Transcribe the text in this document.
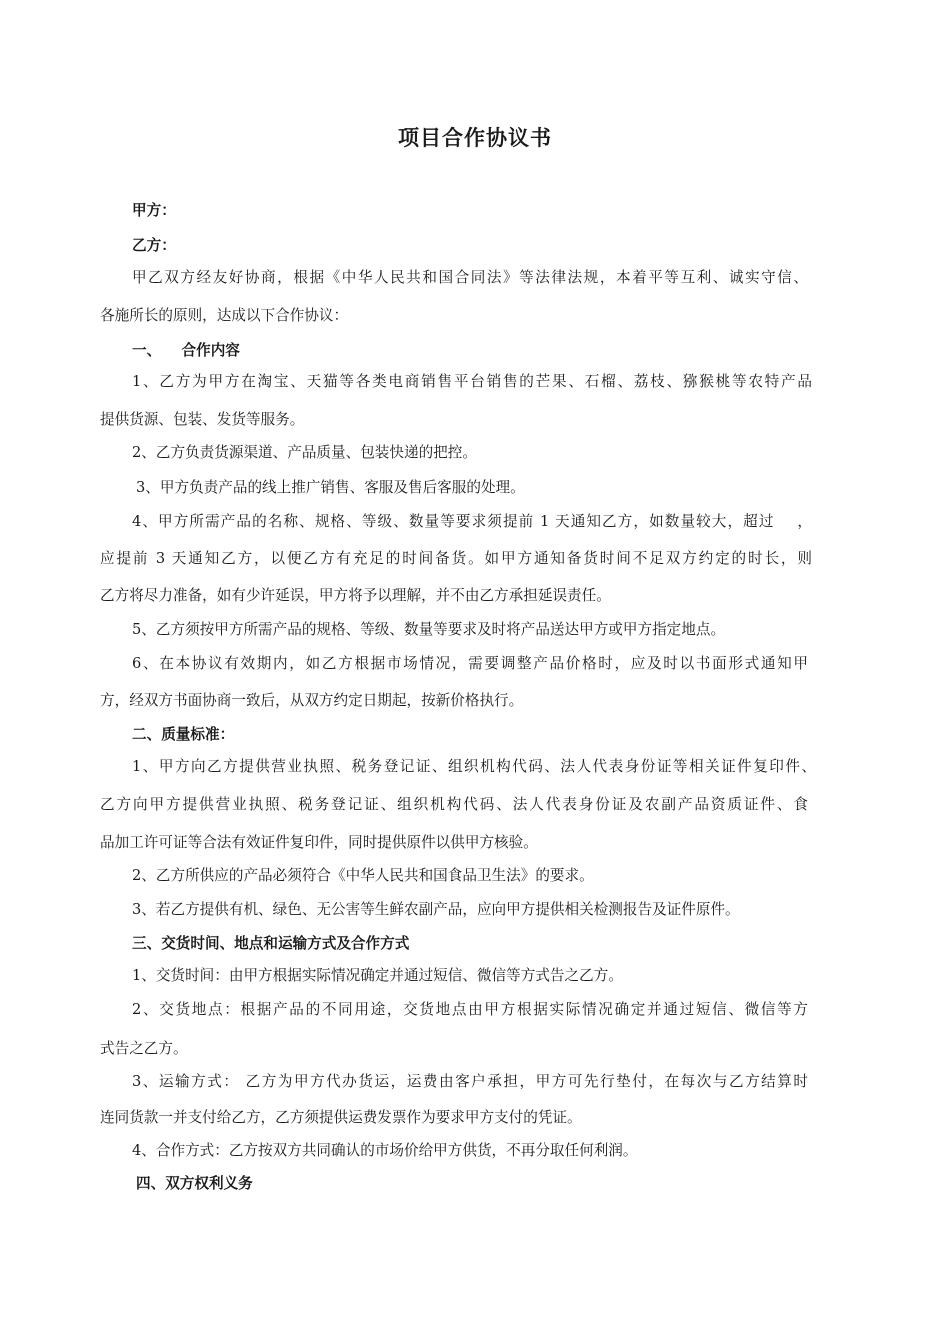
项目合作协议书
甲方：
乙方：
甲乙双方经友好协商，根据《中华人民共和国合同法》等法律法规，本着平等互利、诚实守信、
各施所长的原则，达成以下合作协议：
一、    合作内容
1、乙方为甲方在淘宝、天猫等各类电商销售平台销售的芒果、石榴、荔枝、猕猴桃等农特产品
提供货源、包装、发货等服务。
2、乙方负责货源渠道、产品质量、包装快递的把控。
3、甲方负责产品的线上推广销售、客服及售后客服的处理。
4、甲方所需产品的名称、规格、等级、数量等要求须提前 1 天通知乙方，如数量较大，超过    ，
应提前 3 天通知乙方，以便乙方有充足的时间备货。如甲方通知备货时间不足双方约定的时长，则
乙方将尽力准备，如有少许延误，甲方将予以理解，并不由乙方承担延误责任。
5、乙方须按甲方所需产品的规格、等级、数量等要求及时将产品送达甲方或甲方指定地点。
6、在本协议有效期内，如乙方根据市场情况，需要调整产品价格时，应及时以书面形式通知甲
方，经双方书面协商一致后，从双方约定日期起，按新价格执行。
二、质量标准：
1、甲方向乙方提供营业执照、税务登记证、组织机构代码、法人代表身份证等相关证件复印件、
乙方向甲方提供营业执照、税务登记证、组织机构代码、法人代表身份证及农副产品资质证件、食
品加工许可证等合法有效证件复印件，同时提供原件以供甲方核验。
2、乙方所供应的产品必须符合《中华人民共和国食品卫生法》的要求。
3、若乙方提供有机、绿色、无公害等生鲜农副产品，应向甲方提供相关检测报告及证件原件。
三、交货时间、地点和运输方式及合作方式
1、交货时间：由甲方根据实际情况确定并通过短信、微信等方式告之乙方。
2、交货地点：根据产品的不同用途，交货地点由甲方根据实际情况确定并通过短信、微信等方
式告之乙方。
3、运输方式： 乙方为甲方代办货运，运费由客户承担，甲方可先行垫付，在每次与乙方结算时
连同货款一并支付给乙方，乙方须提供运费发票作为要求甲方支付的凭证。
4、合作方式：乙方按双方共同确认的市场价给甲方供货，不再分取任何利润。
四、双方权利义务
